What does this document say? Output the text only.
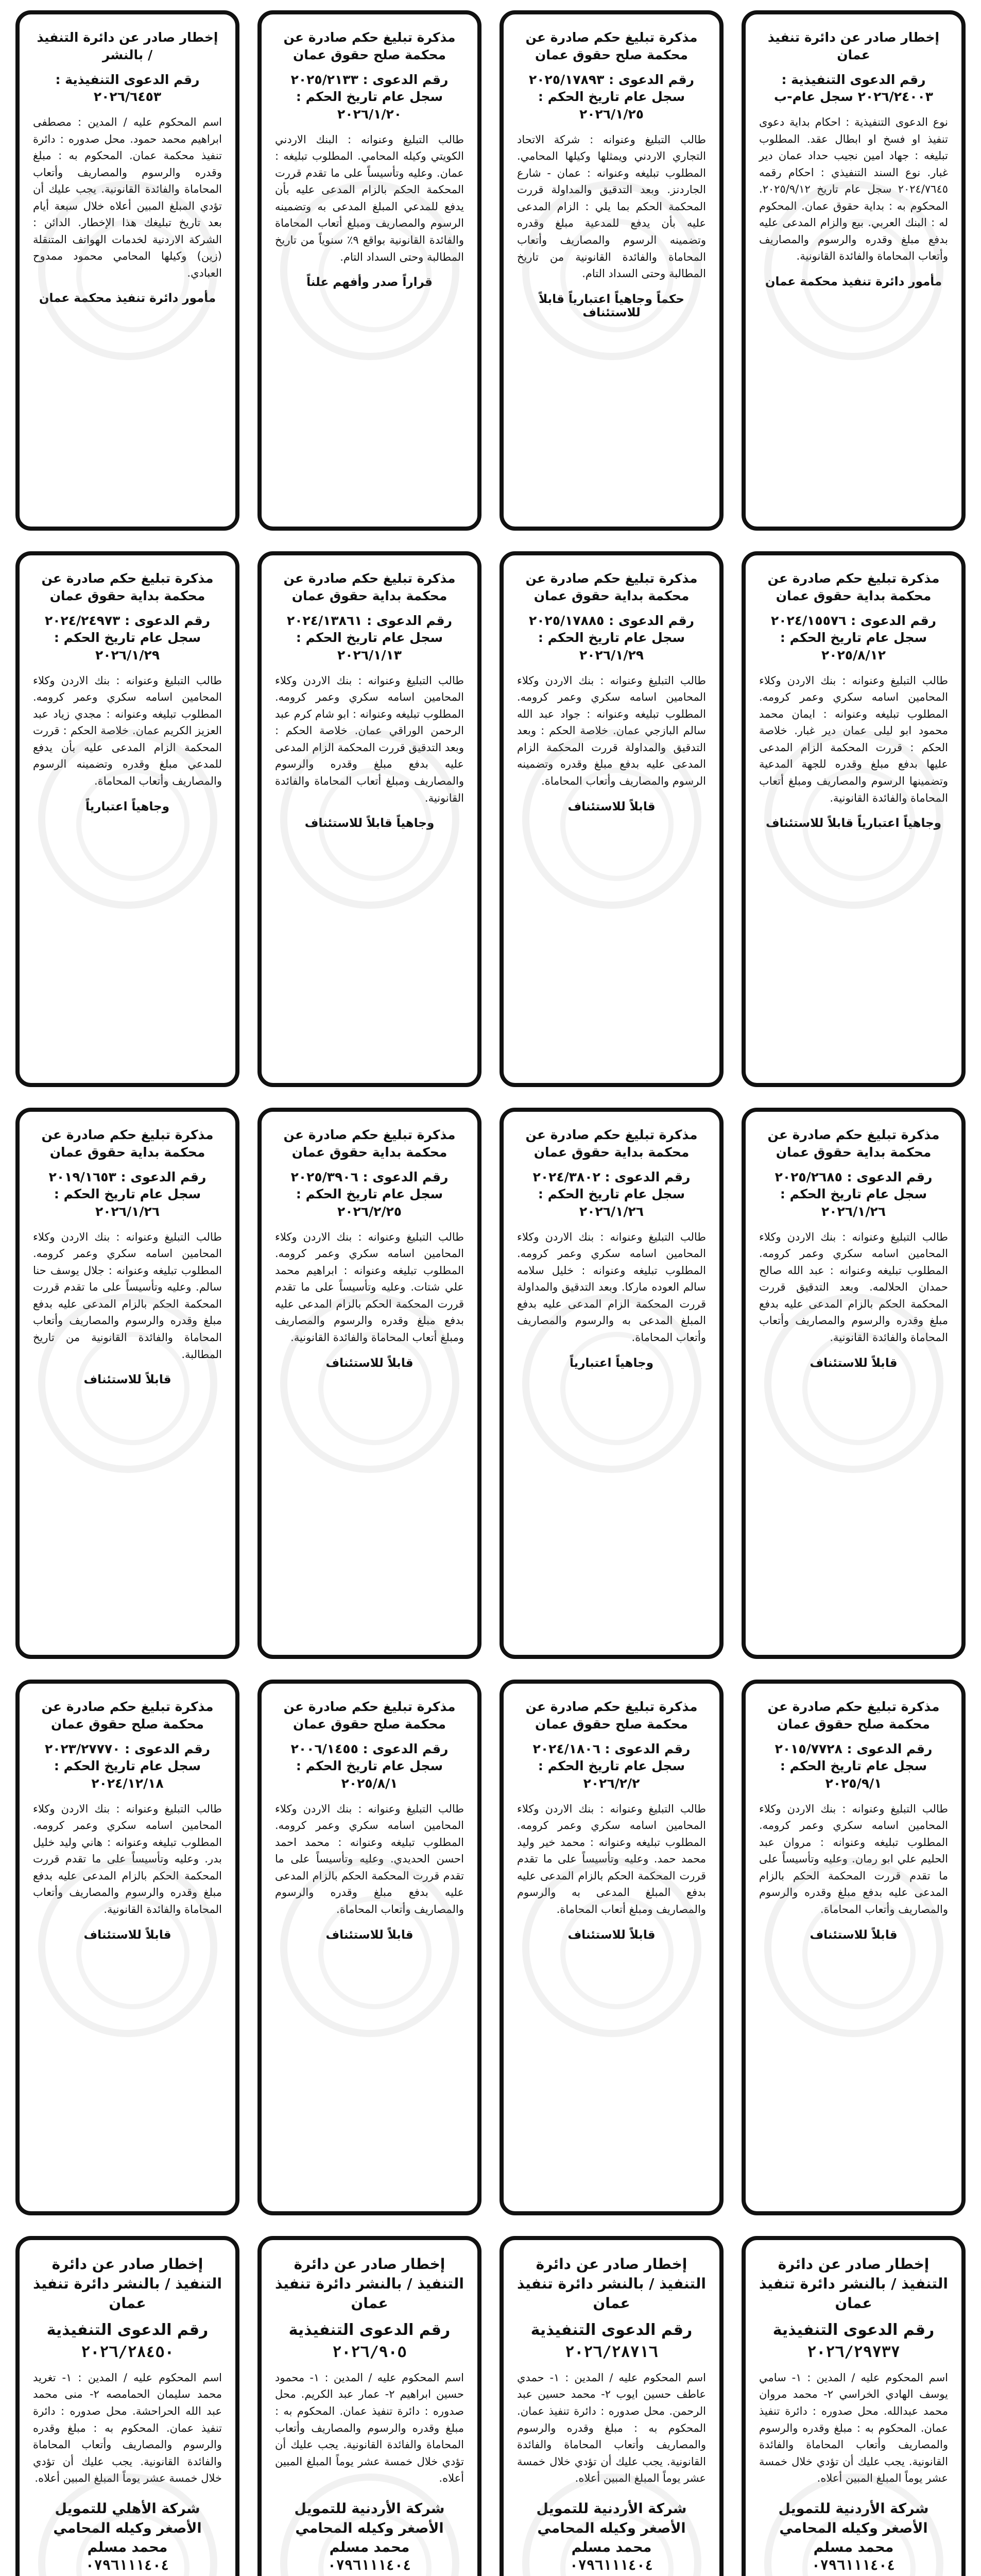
إخطار صادر عن دائرة تنفيذ عمان
رقم الدعوى التنفيذية : ٢٠٢٦/٢٤٠٠٣ سجل عام-ب
نوع الدعوى التنفيذية : احكام بداية دعوى تنفيذ او فسخ او ابطال عقد. المطلوب تبليغه : جهاد امين نجيب حداد عمان دير غبار. نوع السند التنفيذي : احكام رقمه ٢٠٢٤/٧٦٤٥ سجل عام تاريخ ٢٠٢٥/٩/١٢. المحكوم به : بداية حقوق عمان. المحكوم له : البنك العربي. بيع والزام المدعى عليه بدفع مبلغ وقدره والرسوم والمصاريف وأتعاب المحاماة والفائدة القانونية.
مأمور دائرة تنفيذ محكمة عمان
مذكرة تبليغ حكم صادرة عن محكمة صلح حقوق عمان
رقم الدعوى : ٢٠٢٥/١٧٨٩٣ سجل عام تاريخ الحكم : ٢٠٢٦/١/٢٥
طالب التبليغ وعنوانه : شركة الاتحاد التجاري الاردني ويمثلها وكيلها المحامي. المطلوب تبليغه وعنوانه : عمان - شارع الجاردنز. وبعد التدقيق والمداولة قررت المحكمة الحكم بما يلي : الزام المدعى عليه بأن يدفع للمدعية مبلغ وقدره وتضمينه الرسوم والمصاريف وأتعاب المحاماة والفائدة القانونية من تاريخ المطالبة وحتى السداد التام.
حكماً وجاهياً اعتبارياً قابلاً للاستئناف
مذكرة تبليغ حكم صادرة عن محكمة صلح حقوق عمان
رقم الدعوى : ٢٠٢٥/٢١٣٣ سجل عام تاريخ الحكم : ٢٠٢٦/١/٢٠
طالب التبليغ وعنوانه : البنك الاردني الكويتي وكيله المحامي. المطلوب تبليغه : عمان. وعليه وتأسيساً على ما تقدم قررت المحكمة الحكم بالزام المدعى عليه بأن يدفع للمدعي المبلغ المدعى به وتضمينه الرسوم والمصاريف ومبلغ أتعاب المحاماة والفائدة القانونية بواقع ٩٪ سنوياً من تاريخ المطالبة وحتى السداد التام.
قراراً صدر وأفهم علناً
إخطار صادر عن دائرة التنفيذ / بالنشر
رقم الدعوى التنفيذية : ٢٠٢٦/٦٤٥٣
اسم المحكوم عليه / المدين : مصطفى ابراهيم محمد حمود. محل صدوره : دائرة تنفيذ محكمة عمان. المحكوم به : مبلغ وقدره والرسوم والمصاريف وأتعاب المحاماة والفائدة القانونية. يجب عليك أن تؤدي المبلغ المبين أعلاه خلال سبعة أيام بعد تاريخ تبليغك هذا الإخطار. الدائن : الشركة الاردنية لخدمات الهواتف المتنقلة (زين) وكيلها المحامي محمود ممدوح العبادي.
مأمور دائرة تنفيذ محكمة عمان
مذكرة تبليغ حكم صادرة عن محكمة بداية حقوق عمان
رقم الدعوى : ٢٠٢٤/١٥٥٧٦ سجل عام تاريخ الحكم : ٢٠٢٥/٨/١٢
طالب التبليغ وعنوانه : بنك الاردن وكلاء المحامين اسامه سكري وعمر كرومه. المطلوب تبليغه وعنوانه : ايمان محمد محمود ابو ليلى عمان دير غبار. خلاصة الحكم : قررت المحكمة الزام المدعى عليها بدفع مبلغ وقدره للجهة المدعية وتضمينها الرسوم والمصاريف ومبلغ أتعاب المحاماة والفائدة القانونية.
وجاهياً اعتبارياً قابلاً للاستئناف
مذكرة تبليغ حكم صادرة عن محكمة بداية حقوق عمان
رقم الدعوى : ٢٠٢٥/١٧٨٨٥ سجل عام تاريخ الحكم : ٢٠٢٦/١/٢٩
طالب التبليغ وعنوانه : بنك الاردن وكلاء المحامين اسامه سكري وعمر كرومه. المطلوب تبليغه وعنوانه : جواد عبد الله سالم البازجي عمان. خلاصة الحكم : وبعد التدقيق والمداولة قررت المحكمة الزام المدعى عليه بدفع مبلغ وقدره وتضمينه الرسوم والمصاريف وأتعاب المحاماة.
قابلاً للاستئناف
مذكرة تبليغ حكم صادرة عن محكمة بداية حقوق عمان
رقم الدعوى : ٢٠٢٤/١٣٨٦١ سجل عام تاريخ الحكم : ٢٠٢٦/١/١٣
طالب التبليغ وعنوانه : بنك الاردن وكلاء المحامين اسامه سكري وعمر كرومه. المطلوب تبليغه وعنوانه : ابو شام كرم عبد الرحمن الوراقي عمان. خلاصة الحكم : وبعد التدقيق قررت المحكمة الزام المدعى عليه بدفع مبلغ وقدره والرسوم والمصاريف ومبلغ أتعاب المحاماة والفائدة القانونية.
وجاهياً قابلاً للاستئناف
مذكرة تبليغ حكم صادرة عن محكمة بداية حقوق عمان
رقم الدعوى : ٢٠٢٤/٢٤٩٧٣ سجل عام تاريخ الحكم : ٢٠٢٦/١/٢٩
طالب التبليغ وعنوانه : بنك الاردن وكلاء المحامين اسامه سكري وعمر كرومه. المطلوب تبليغه وعنوانه : مجدي زياد عبد العزيز الكريم عمان. خلاصة الحكم : قررت المحكمة الزام المدعى عليه بأن يدفع للمدعي مبلغ وقدره وتضمينه الرسوم والمصاريف وأتعاب المحاماة.
وجاهياً اعتبارياً
مذكرة تبليغ حكم صادرة عن محكمة بداية حقوق عمان
رقم الدعوى : ٢٠٢٥/٢٦٨٥ سجل عام تاريخ الحكم : ٢٠٢٦/١/٢٦
طالب التبليغ وعنوانه : بنك الاردن وكلاء المحامين اسامه سكري وعمر كرومه. المطلوب تبليغه وعنوانه : عبد الله صالح حمدان الحلالمه. وبعد التدقيق قررت المحكمة الحكم بالزام المدعى عليه بدفع مبلغ وقدره والرسوم والمصاريف وأتعاب المحاماة والفائدة القانونية.
قابلاً للاستئناف
مذكرة تبليغ حكم صادرة عن محكمة بداية حقوق عمان
رقم الدعوى : ٢٠٢٤/٣٨٠٢ سجل عام تاريخ الحكم : ٢٠٢٦/١/٢٦
طالب التبليغ وعنوانه : بنك الاردن وكلاء المحامين اسامه سكري وعمر كرومه. المطلوب تبليغه وعنوانه : خليل سلامه سالم العوده ماركا. وبعد التدقيق والمداولة قررت المحكمة الزام المدعى عليه بدفع المبلغ المدعى به والرسوم والمصاريف وأتعاب المحاماة.
وجاهياً اعتبارياً
مذكرة تبليغ حكم صادرة عن محكمة بداية حقوق عمان
رقم الدعوى : ٢٠٢٥/٣٩٠٦ سجل عام تاريخ الحكم : ٢٠٢٦/٢/٢٥
طالب التبليغ وعنوانه : بنك الاردن وكلاء المحامين اسامه سكري وعمر كرومه. المطلوب تبليغه وعنوانه : ابراهيم محمد علي شتات. وعليه وتأسيساً على ما تقدم قررت المحكمة الحكم بالزام المدعى عليه بدفع مبلغ وقدره والرسوم والمصاريف ومبلغ أتعاب المحاماة والفائدة القانونية.
قابلاً للاستئناف
مذكرة تبليغ حكم صادرة عن محكمة بداية حقوق عمان
رقم الدعوى : ٢٠١٩/١٦٥٣ سجل عام تاريخ الحكم : ٢٠٢٦/١/٢٦
طالب التبليغ وعنوانه : بنك الاردن وكلاء المحامين اسامه سكري وعمر كرومه. المطلوب تبليغه وعنوانه : جلال يوسف حنا سالم. وعليه وتأسيساً على ما تقدم قررت المحكمة الحكم بالزام المدعى عليه بدفع مبلغ وقدره والرسوم والمصاريف وأتعاب المحاماة والفائدة القانونية من تاريخ المطالبة.
قابلاً للاستئناف
مذكرة تبليغ حكم صادرة عن محكمة صلح حقوق عمان
رقم الدعوى : ٢٠١٥/٧٧٢٨ سجل عام تاريخ الحكم : ٢٠٢٥/٩/١
طالب التبليغ وعنوانه : بنك الاردن وكلاء المحامين اسامه سكري وعمر كرومه. المطلوب تبليغه وعنوانه : مروان عبد الحليم علي ابو رمان. وعليه وتأسيساً على ما تقدم قررت المحكمة الحكم بالزام المدعى عليه بدفع مبلغ وقدره والرسوم والمصاريف وأتعاب المحاماة.
قابلاً للاستئناف
مذكرة تبليغ حكم صادرة عن محكمة صلح حقوق عمان
رقم الدعوى : ٢٠٢٤/١٨٠٦ سجل عام تاريخ الحكم : ٢٠٢٦/٢/٢
طالب التبليغ وعنوانه : بنك الاردن وكلاء المحامين اسامه سكري وعمر كرومه. المطلوب تبليغه وعنوانه : محمد خير وليد محمد حمد. وعليه وتأسيساً على ما تقدم قررت المحكمة الحكم بالزام المدعى عليه بدفع المبلغ المدعى به والرسوم والمصاريف ومبلغ أتعاب المحاماة.
قابلاً للاستئناف
مذكرة تبليغ حكم صادرة عن محكمة صلح حقوق عمان
رقم الدعوى : ٢٠٠٦/١٤٥٥ سجل عام تاريخ الحكم : ٢٠٢٥/٨/١
طالب التبليغ وعنوانه : بنك الاردن وكلاء المحامين اسامه سكري وعمر كرومه. المطلوب تبليغه وعنوانه : محمد احمد احسن الحديدي. وعليه وتأسيساً على ما تقدم قررت المحكمة الحكم بالزام المدعى عليه بدفع مبلغ وقدره والرسوم والمصاريف وأتعاب المحاماة.
قابلاً للاستئناف
مذكرة تبليغ حكم صادرة عن محكمة صلح حقوق عمان
رقم الدعوى : ٢٠٢٣/٢٧٧٧٠ سجل عام تاريخ الحكم : ٢٠٢٤/١٢/١٨
طالب التبليغ وعنوانه : بنك الاردن وكلاء المحامين اسامه سكري وعمر كرومه. المطلوب تبليغه وعنوانه : هاني وليد خليل بدر. وعليه وتأسيساً على ما تقدم قررت المحكمة الحكم بالزام المدعى عليه بدفع مبلغ وقدره والرسوم والمصاريف وأتعاب المحاماة والفائدة القانونية.
قابلاً للاستئناف
إخطار صادر عن دائرة التنفيذ / بالنشر دائرة تنفيذ عمان
رقم الدعوى التنفيذية
٢٠٢٦/٢٩٧٣٧
اسم المحكوم عليه / المدين : ١- سامي يوسف الهادي الخراسي ٢- محمد مروان محمد عبدالله. محل صدوره : دائرة تنفيذ عمان. المحكوم به : مبلغ وقدره والرسوم والمصاريف وأتعاب المحاماة والفائدة القانونية. يجب عليك أن تؤدي خلال خمسة عشر يوماً المبلغ المبين أعلاه.
شركة الأردنية للتمويل الأصغر وكيله المحامي محمد مسلم
٠٧٩٦١١١٤٠٤
إخطار صادر عن دائرة التنفيذ / بالنشر دائرة تنفيذ عمان
رقم الدعوى التنفيذية
٢٠٢٦/٢٨٧١٦
اسم المحكوم عليه / المدين : ١- حمدي عاطف حسين ايوب ٢- محمد حسين عبد الرحمن. محل صدوره : دائرة تنفيذ عمان. المحكوم به : مبلغ وقدره والرسوم والمصاريف وأتعاب المحاماة والفائدة القانونية. يجب عليك أن تؤدي خلال خمسة عشر يوماً المبلغ المبين أعلاه.
شركة الأردنية للتمويل الأصغر وكيله المحامي محمد مسلم
٠٧٩٦١١١٤٠٤
إخطار صادر عن دائرة التنفيذ / بالنشر دائرة تنفيذ عمان
رقم الدعوى التنفيذية
٢٠٢٦/٩٠٥
اسم المحكوم عليه / المدين : ١- محمود حسين ابراهيم ٢- عمار عبد الكريم. محل صدوره : دائرة تنفيذ عمان. المحكوم به : مبلغ وقدره والرسوم والمصاريف وأتعاب المحاماة والفائدة القانونية. يجب عليك أن تؤدي خلال خمسة عشر يوماً المبلغ المبين أعلاه.
شركة الأردنية للتمويل الأصغر وكيله المحامي محمد مسلم
٠٧٩٦١١١٤٠٤
إخطار صادر عن دائرة التنفيذ / بالنشر دائرة تنفيذ عمان
رقم الدعوى التنفيذية
٢٠٢٦/٢٨٤٥٠
اسم المحكوم عليه / المدين : ١- تغريد محمد سليمان الحمامصه ٢- منى محمد عبد الله الحراحشة. محل صدوره : دائرة تنفيذ عمان. المحكوم به : مبلغ وقدره والرسوم والمصاريف وأتعاب المحاماة والفائدة القانونية. يجب عليك أن تؤدي خلال خمسة عشر يوماً المبلغ المبين أعلاه.
شركة الأهلي للتمويل الأصغر وكيله المحامي محمد مسلم
٠٧٩٦١١١٤٠٤
